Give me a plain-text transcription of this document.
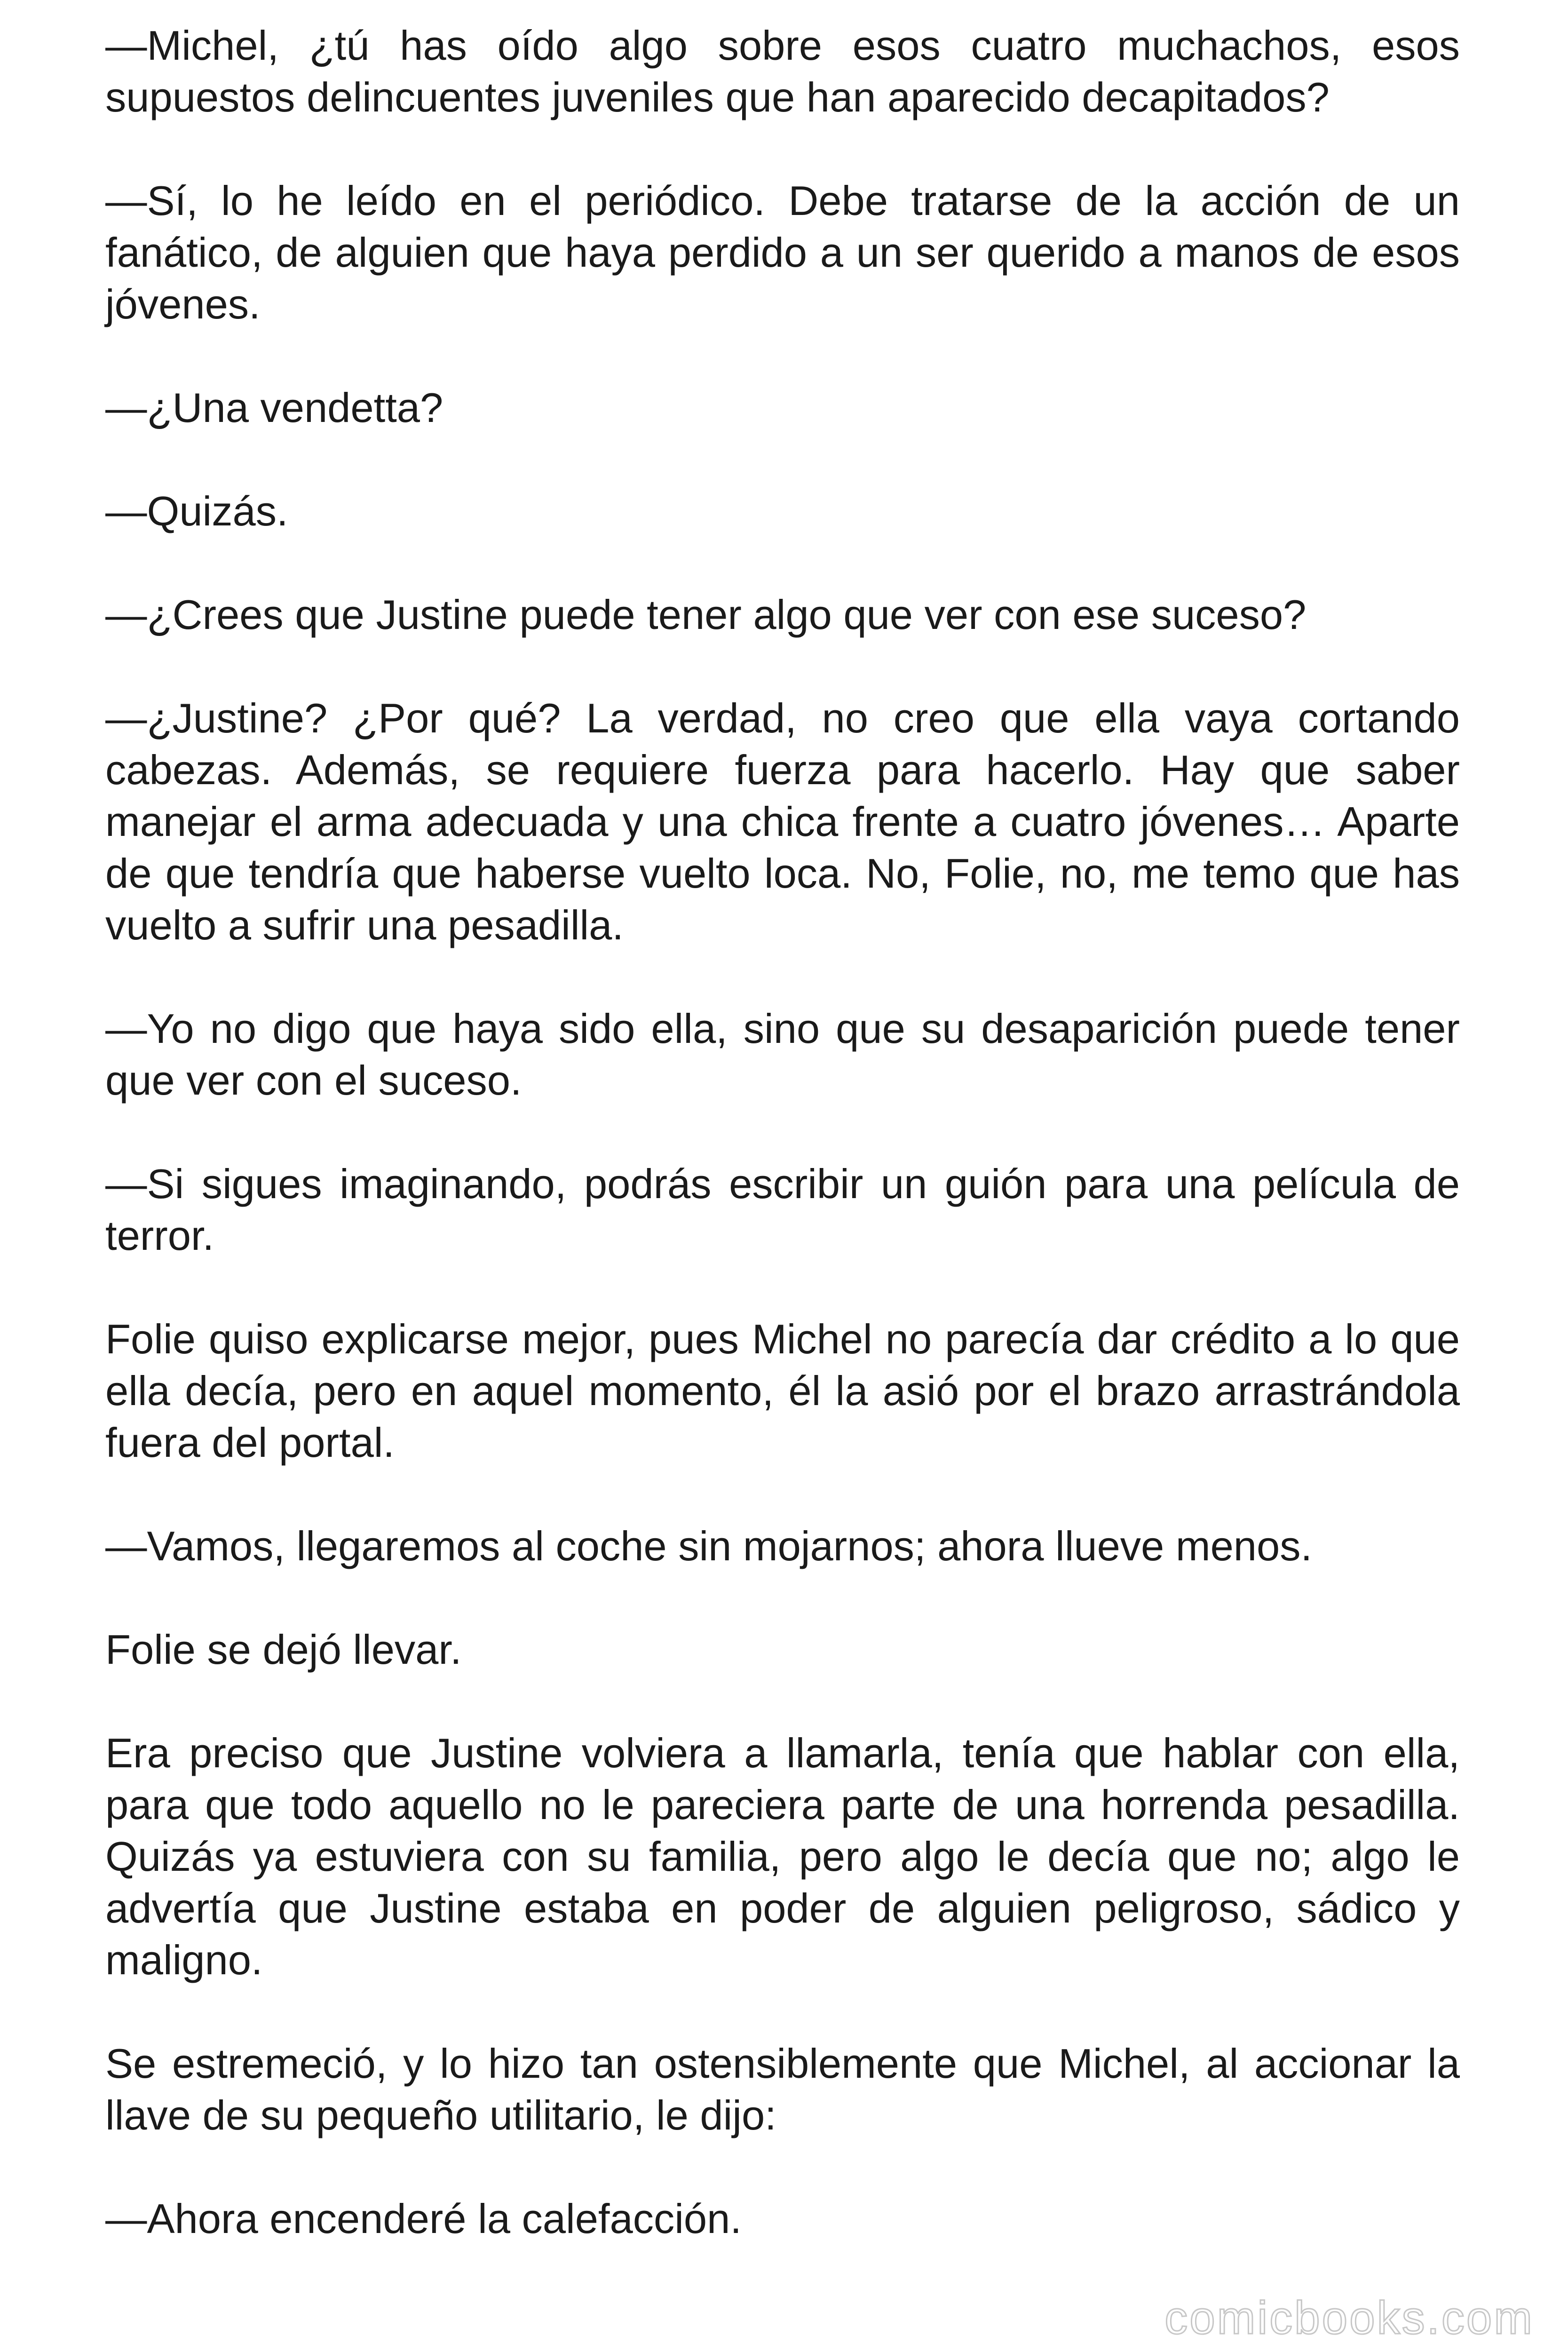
—Michel, ¿tú has oído algo sobre esos cuatro muchachos, esos supuestos delincuentes juveniles que han aparecido decapitados?

—Sí, lo he leído en el periódico. Debe tratarse de la acción de un fanático, de alguien que haya perdido a un ser querido a manos de esos jóvenes.

—¿Una vendetta?

—Quizás.

—¿Crees que Justine puede tener algo que ver con ese suceso?

—¿Justine? ¿Por qué? La verdad, no creo que ella vaya cortando cabezas. Además, se requiere fuerza para hacerlo. Hay que saber manejar el arma adecuada y una chica frente a cuatro jóvenes… Aparte de que tendría que haberse vuelto loca. No, Folie, no, me temo que has vuelto a sufrir una pesadilla.

—Yo no digo que haya sido ella, sino que su desaparición puede tener que ver con el suceso.

—Si sigues imaginando, podrás escribir un guión para una película de terror.

Folie quiso explicarse mejor, pues Michel no parecía dar crédito a lo que ella decía, pero en aquel momento, él la asió por el brazo arrastrándola fuera del portal.

—Vamos, llegaremos al coche sin mojarnos; ahora llueve menos.

Folie se dejó llevar.

Era preciso que Justine volviera a llamarla, tenía que hablar con ella, para que todo aquello no le pareciera parte de una horrenda pesadilla. Quizás ya estuviera con su familia, pero algo le decía que no; algo le advertía que Justine estaba en poder de alguien peligroso, sádico y maligno.

Se estremeció, y lo hizo tan ostensiblemente que Michel, al accionar la llave de su pequeño utilitario, le dijo:

—Ahora encenderé la calefacción.

comicbooks.com
